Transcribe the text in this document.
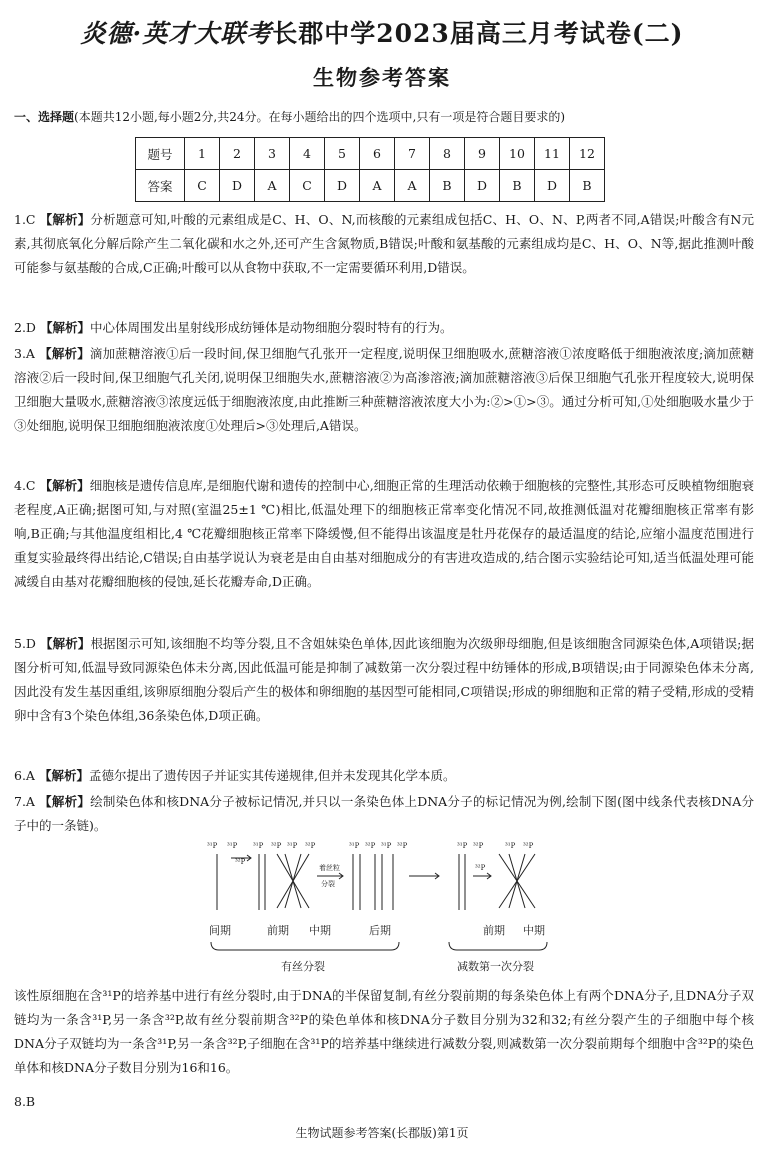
炎德·英才大联考长郡中学2023届高三月考试卷(二)
生物参考答案
一、选择题(本题共12小题,每小题2分,共24分。在每小题给出的四个选项中,只有一项是符合题目要求的)
题号	1	2	3	4	5	6	7	8	9	10	11	12
答案	C	D	A	C	D	A	A	B	D	B	D	B
1.C 【解析】分析题意可知,叶酸的元素组成是C、H、O、N,而核酸的元素组成包括C、H、O、N、P,两者不同,A错误;叶酸含有N元素,其彻底氧化分解后除产生二氧化碳和水之外,还可产生含氮物质,B错误;叶酸和氨基酸的元素组成均是C、H、O、N等,据此推测叶酸可能参与氨基酸的合成,C正确;叶酸可以从食物中获取,不一定需要循环利用,D错误。
2.D 【解析】中心体周围发出星射线形成纺锤体是动物细胞分裂时特有的行为。
3.A 【解析】滴加蔗糖溶液①后一段时间,保卫细胞气孔张开一定程度,说明保卫细胞吸水,蔗糖溶液①浓度略低于细胞液浓度;滴加蔗糖溶液②后一段时间,保卫细胞气孔关闭,说明保卫细胞失水,蔗糖溶液②为高渗溶液;滴加蔗糖溶液③后保卫细胞气孔张开程度较大,说明保卫细胞大量吸水,蔗糖溶液③浓度远低于细胞液浓度,由此推断三种蔗糖溶液浓度大小为:②>①>③。通过分析可知,①处细胞吸水量少于③处细胞,说明保卫细胞细胞液浓度①处理后>③处理后,A错误。
4.C 【解析】细胞核是遗传信息库,是细胞代谢和遗传的控制中心,细胞正常的生理活动依赖于细胞核的完整性,其形态可反映植物细胞衰老程度,A正确;据图可知,与对照(室温25±1 ℃)相比,低温处理下的细胞核正常率变化情况不同,故推测低温对花瓣细胞核正常率有影响,B正确;与其他温度组相比,4 ℃花瓣细胞核正常率下降缓慢,但不能得出该温度是牡丹花保存的最适温度的结论,应缩小温度范围进行重复实验最终得出结论,C错误;自由基学说认为衰老是由自由基对细胞成分的有害进攻造成的,结合图示实验结论可知,适当低温处理可能减缓自由基对花瓣细胞核的侵蚀,延长花瓣寿命,D正确。
5.D 【解析】根据图示可知,该细胞不均等分裂,且不含姐妹染色单体,因此该细胞为次级卵母细胞,但是该细胞含同源染色体,A项错误;据图分析可知,低温导致同源染色体未分离,因此低温可能是抑制了减数第一次分裂过程中纺锤体的形成,B项错误;由于同源染色体未分离,因此没有发生基因重组,该卵原细胞分裂后产生的极体和卵细胞的基因型可能相同,C项错误;形成的卵细胞和正常的精子受精,形成的受精卵中含有3个染色体组,36条染色体,D项正确。
6.A 【解析】孟德尔提出了遗传因子并证实其传递规律,但并未发现其化学本质。
7.A 【解析】绘制染色体和核DNA分子被标记情况,并只以一条染色体上DNA分子的标记情况为例,绘制下图(图中线条代表核DNA分子中的一条链)。
³¹P ³¹P ³¹P ³²P ³¹P ³²P	³¹P ³²P ³¹P ³²P	³¹P ³²P	³¹P ³²P
³²P
着丝粒
分裂
³²P
间期	前期 中期	后期	前期 中期
有丝分裂	减数第一次分裂
该性原细胞在含³¹P的培养基中进行有丝分裂时,由于DNA的半保留复制,有丝分裂前期的每条染色体上有两个DNA分子,且DNA分子双链均为一条含³¹P,另一条含³²P,故有丝分裂前期含³²P的染色单体和核DNA分子数目分别为32和32;有丝分裂产生的子细胞中每个核DNA分子双链均为一条含³¹P,另一条含³²P,子细胞在含³¹P的培养基中继续进行减数分裂,则减数第一次分裂前期每个细胞中含³²P的染色单体和核DNA分子数目分别为16和16。
8.B
生物试题参考答案(长郡版)第1页
